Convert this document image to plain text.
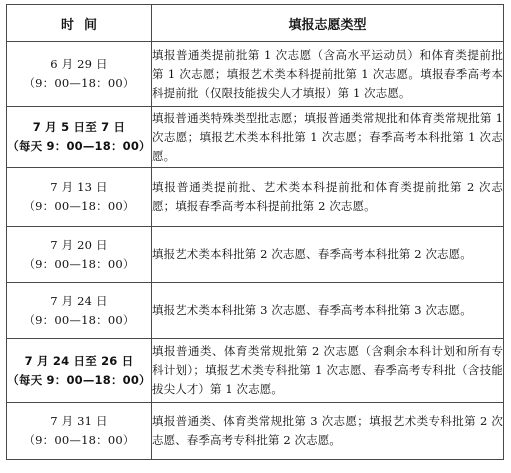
时间	填报志愿类型

6 月 29 日
（9：00—18：00）	填报普通类提前批第 1 次志愿（含高水平运动员）和体育类提前批第 1 次志愿；填报艺术类本科提前批第 1 次志愿。填报春季高考本科提前批（仅限技能拔尖人才填报）第 1 次志愿。

7 月 5 日至 7 日
（每天 9：00—18：00）	填报普通类特殊类型批志愿；填报普通类常规批和体育类常规批第 1 次志愿；填报艺术类本科批第 1 次志愿；春季高考本科批第 1 次志愿。

7 月 13 日
（9：00—18：00）	填报普通类提前批、艺术类本科提前批和体育类提前批第 2 次志愿；填报春季高考本科提前批第 2 次志愿。

7 月 20 日
（9：00—18：00）	填报艺术类本科批第 2 次志愿、春季高考本科批第 2 次志愿。

7 月 24 日
（9：00—18：00）	填报艺术类本科批第 3 次志愿、春季高考本科批第 3 次志愿。

7 月 24 日至 26 日
（每天 9：00—18：00）	填报普通类、体育类常规批第 2 次志愿（含剩余本科计划和所有专科计划）；填报艺术类专科批第 1 次志愿、春季高考专科批（含技能拔尖人才）第 1 次志愿。

7 月 31 日
（9：00—18：00）	填报普通类、体育类常规批第 3 次志愿；填报艺术类专科批第 2 次志愿、春季高考专科批第 2 次志愿。
